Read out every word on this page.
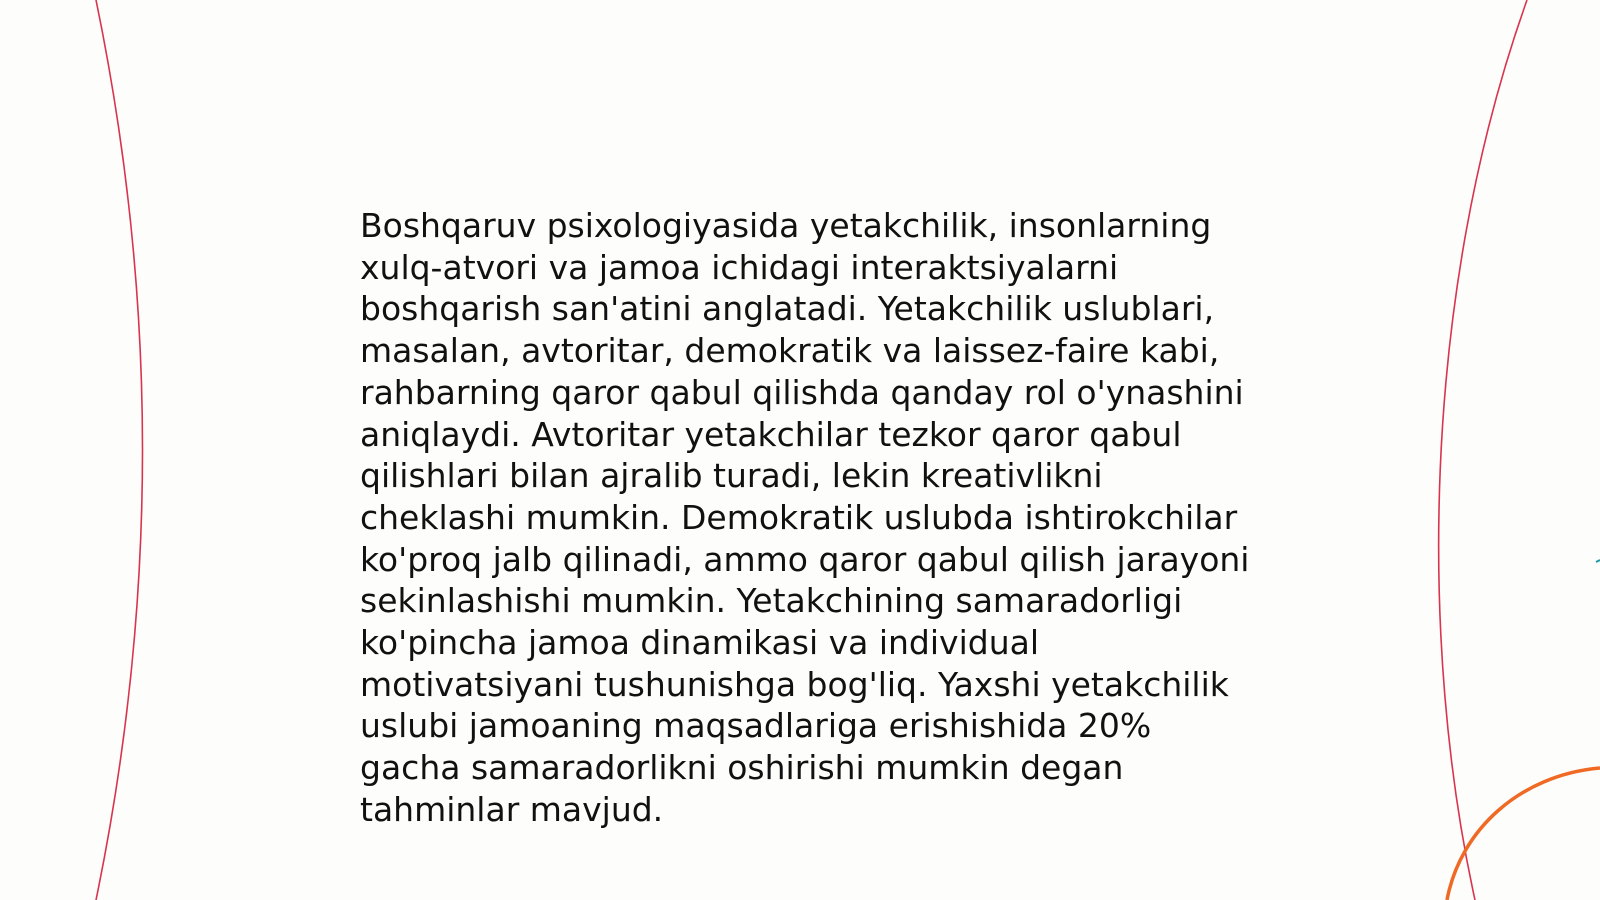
Boshqaruv psixologiyasida yetakchilik, insonlarning
xulq-atvori va jamoa ichidagi interaktsiyalarni
boshqarish san'atini anglatadi. Yetakchilik uslublari,
masalan, avtoritar, demokratik va laissez-faire kabi,
rahbarning qaror qabul qilishda qanday rol o'ynashini
aniqlaydi. Avtoritar yetakchilar tezkor qaror qabul
qilishlari bilan ajralib turadi, lekin kreativlikni
cheklashi mumkin. Demokratik uslubda ishtirokchilar
ko'proq jalb qilinadi, ammo qaror qabul qilish jarayoni
sekinlashishi mumkin. Yetakchining samaradorligi
ko'pincha jamoa dinamikasi va individual
motivatsiyani tushunishga bog'liq. Yaxshi yetakchilik
uslubi jamoaning maqsadlariga erishishida 20%
gacha samaradorlikni oshirishi mumkin degan
tahminlar mavjud.
